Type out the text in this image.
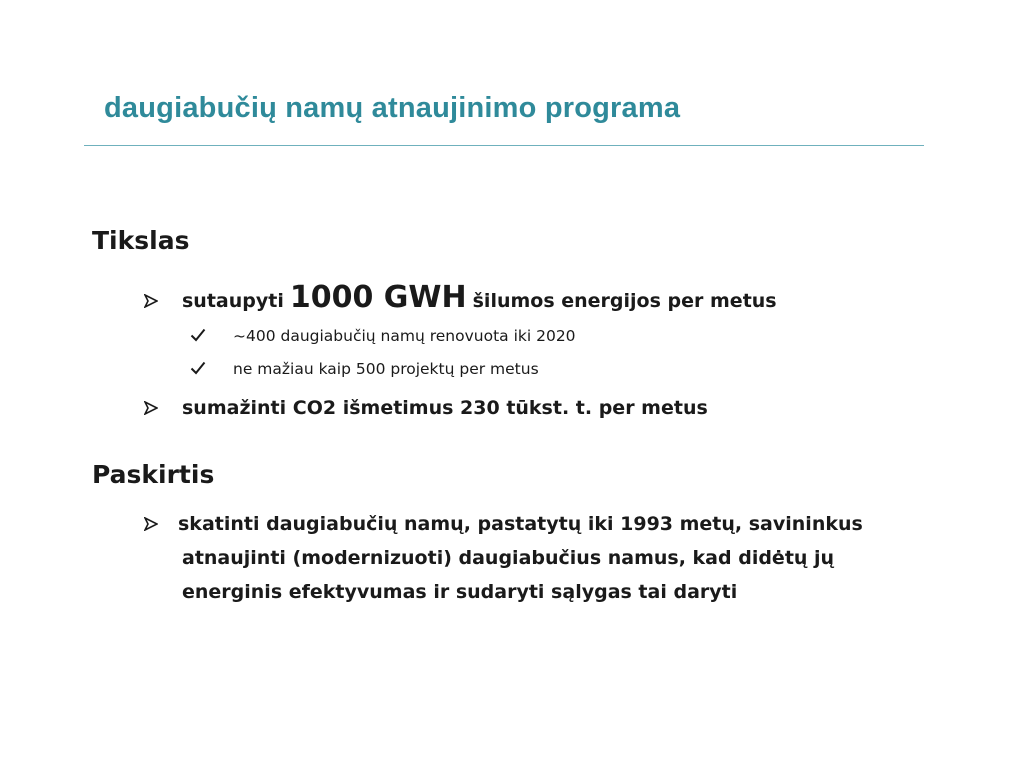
daugiabučių namų atnaujinimo programa
Tikslas
sutaupyti 1000 GWH šilumos energijos per metus
~400 daugiabučių namų renovuota iki 2020
ne mažiau kaip 500 projektų per metus
sumažinti CO2 išmetimus 230 tūkst. t. per metus
Paskirtis
skatinti daugiabučių namų, pastatytų iki 1993 metų, savininkus
atnaujinti (modernizuoti) daugiabučius namus, kad didėtų jų
energinis efektyvumas ir sudaryti sąlygas tai daryti
